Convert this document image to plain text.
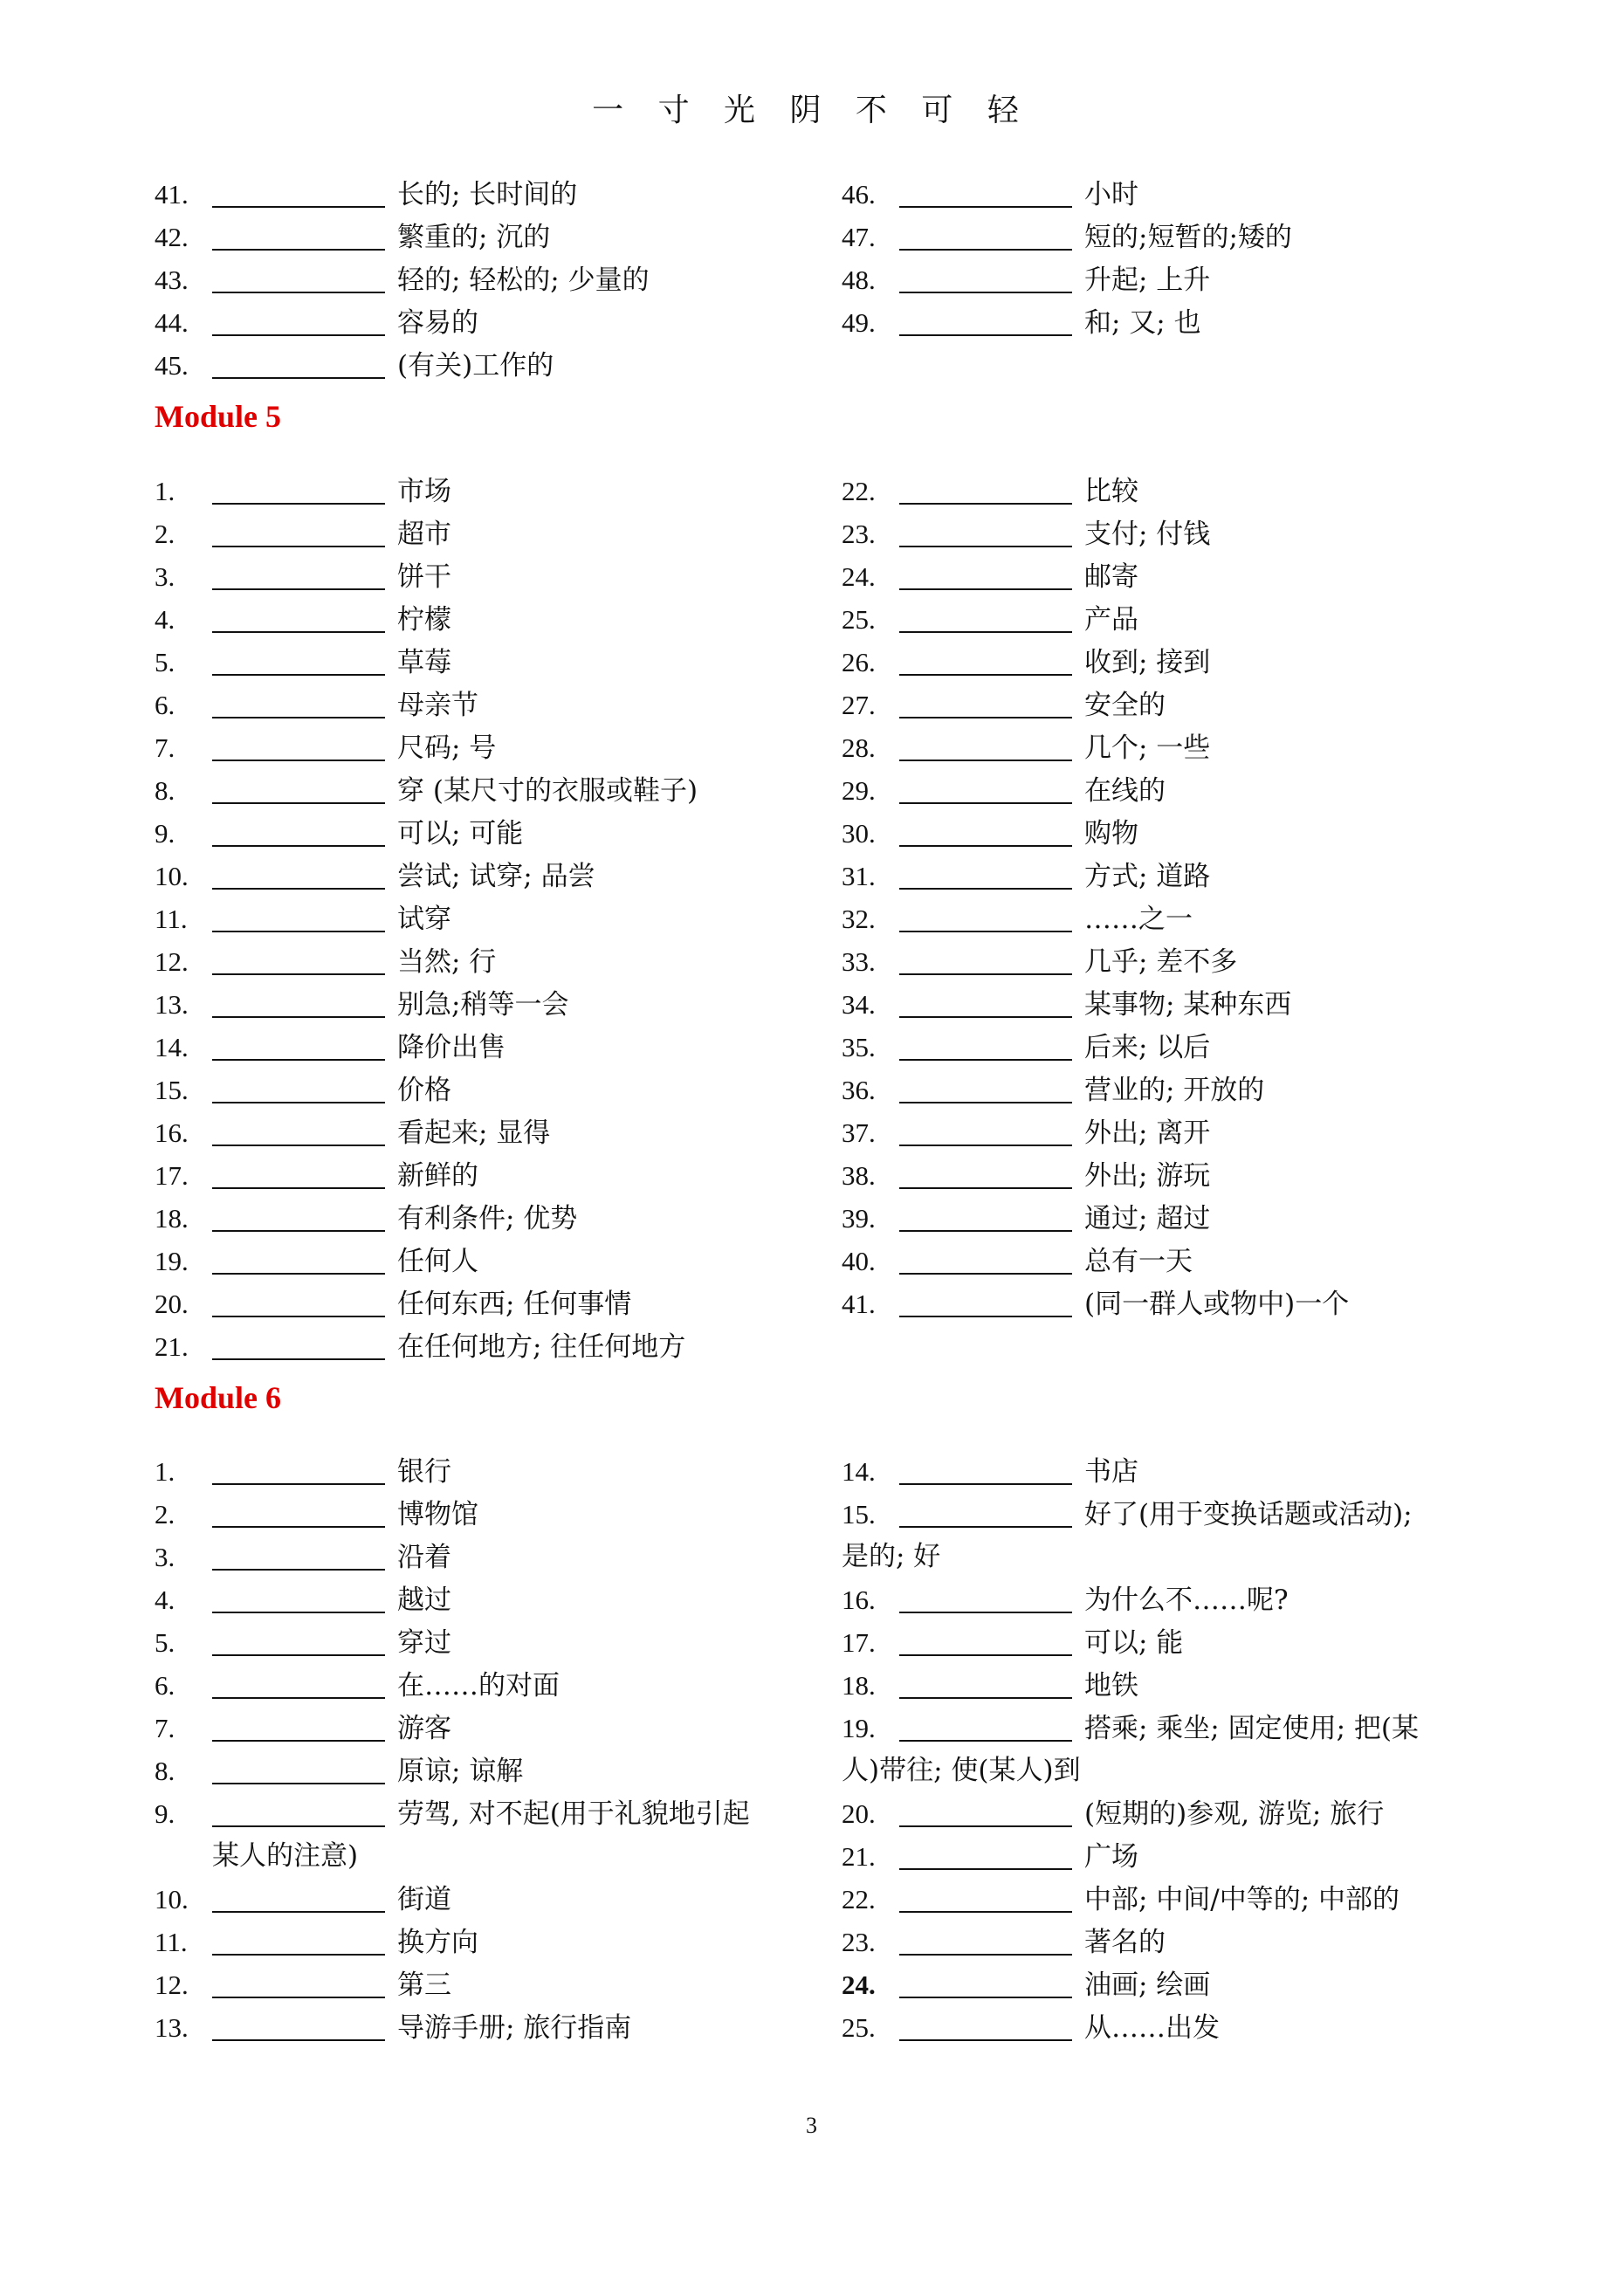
一 寸 光 阴 不 可 轻
41.	长的; 长时间的
42.	繁重的; 沉的
43.	轻的; 轻松的; 少量的
44.	容易的
45.	(有关)工作的
46.	小时
47.	短的;短暂的;矮的
48.	升起; 上升
49.	和; 又; 也
Module 5
1.	市场
2.	超市
3.	饼干
4.	柠檬
5.	草莓
6.	母亲节
7.	尺码; 号
8.	穿 (某尺寸的衣服或鞋子)
9.	可以; 可能
10.	尝试; 试穿; 品尝
11.	试穿
12.	当然; 行
13.	别急;稍等一会
14.	降价出售
15.	价格
16.	看起来; 显得
17.	新鲜的
18.	有利条件; 优势
19.	任何人
20.	任何东西; 任何事情
21.	在任何地方; 往任何地方
22.	比较
23.	支付; 付钱
24.	邮寄
25.	产品
26.	收到; 接到
27.	安全的
28.	几个; 一些
29.	在线的
30.	购物
31.	方式; 道路
32.	……之一
33.	几乎; 差不多
34.	某事物; 某种东西
35.	后来; 以后
36.	营业的; 开放的
37.	外出; 离开
38.	外出; 游玩
39.	通过; 超过
40.	总有一天
41.	(同一群人或物中)一个
Module 6
1.	银行
2.	博物馆
3.	沿着
4.	越过
5.	穿过
6.	在……的对面
7.	游客
8.	原谅; 谅解
9.	劳驾, 对不起(用于礼貌地引起
某人的注意)
10.	街道
11.	换方向
12.	第三
13.	导游手册; 旅行指南
14.	书店
15.	好了(用于变换话题或活动);
是的; 好
16.	为什么不……呢?
17.	可以; 能
18.	地铁
19.	搭乘; 乘坐; 固定使用; 把(某
人)带往; 使(某人)到
20.	(短期的)参观, 游览; 旅行
21.	广场
22.	中部; 中间/中等的; 中部的
23.	著名的
24.	油画; 绘画
25.	从……出发
3
